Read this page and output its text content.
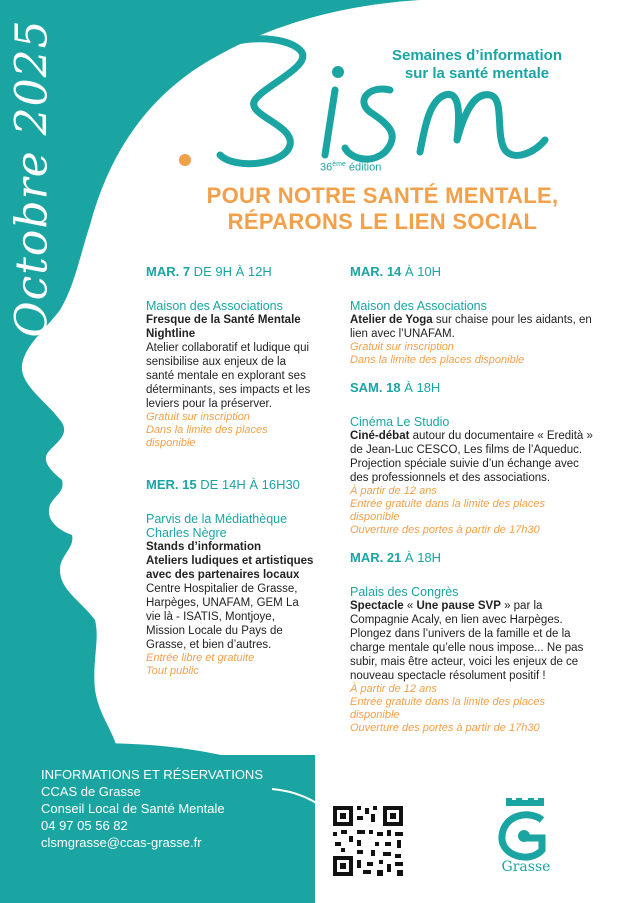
Octobre 2025	Semaines d’information
sur la santé mentale
36ème édition
POUR NOTRE SANTÉ MENTALE,
RÉPARONS LE LIEN SOCIAL
MAR. 7 DE 9H À 12H
Maison des Associations
Fresque de la Santé Mentale Nightline
Atelier collaboratif et ludique qui sensibilise aux enjeux de la santé mentale en explorant ses déterminants, ses impacts et les leviers pour la préserver.
Gratuit sur inscription
Dans la limite des places disponible
MER. 15 DE 14H À 16H30
Parvis de la Médiathèque Charles Nègre
Stands d’information
Ateliers ludiques et artistiques avec des partenaires locaux
Centre Hospitalier de Grasse, Harpèges, UNAFAM, GEM La vie là - ISATIS, Montjoye, Mission Locale du Pays de Grasse, et bien d’autres.
Entrée libre et gratuite
Tout public
MAR. 14 À 10H
Maison des Associations
Atelier de Yoga sur chaise pour les aidants, en lien avec l’UNAFAM.
Gratuit sur inscription
Dans la limite des places disponible
SAM. 18 À 18H
Cinéma Le Studio
Ciné-débat autour du documentaire « Eredità » de Jean-Luc CESCO, Les films de l’Aqueduc. Projection spéciale suivie d’un échange avec des professionnels et des associations.
À partir de 12 ans
Entrée gratuite dans la limite des places disponible
Ouverture des portes à partir de 17h30
MAR. 21 À 18H
Palais des Congrès
Spectacle « Une pause SVP » par la Compagnie Acaly, en lien avec Harpèges. Plongez dans l’univers de la famille et de la charge mentale qu’elle nous impose... Ne pas subir, mais être acteur, voici les enjeux de ce nouveau spectacle résolument positif !
À partir de 12 ans
Entrée gratuite dans la limite des places disponible
Ouverture des portes à partir de 17h30
INFORMATIONS ET RÉSERVATIONS
CCAS de Grasse
Conseil Local de Santé Mentale
04 97 05 56 82
clsmgrasse@ccas-grasse.fr
Grasse
